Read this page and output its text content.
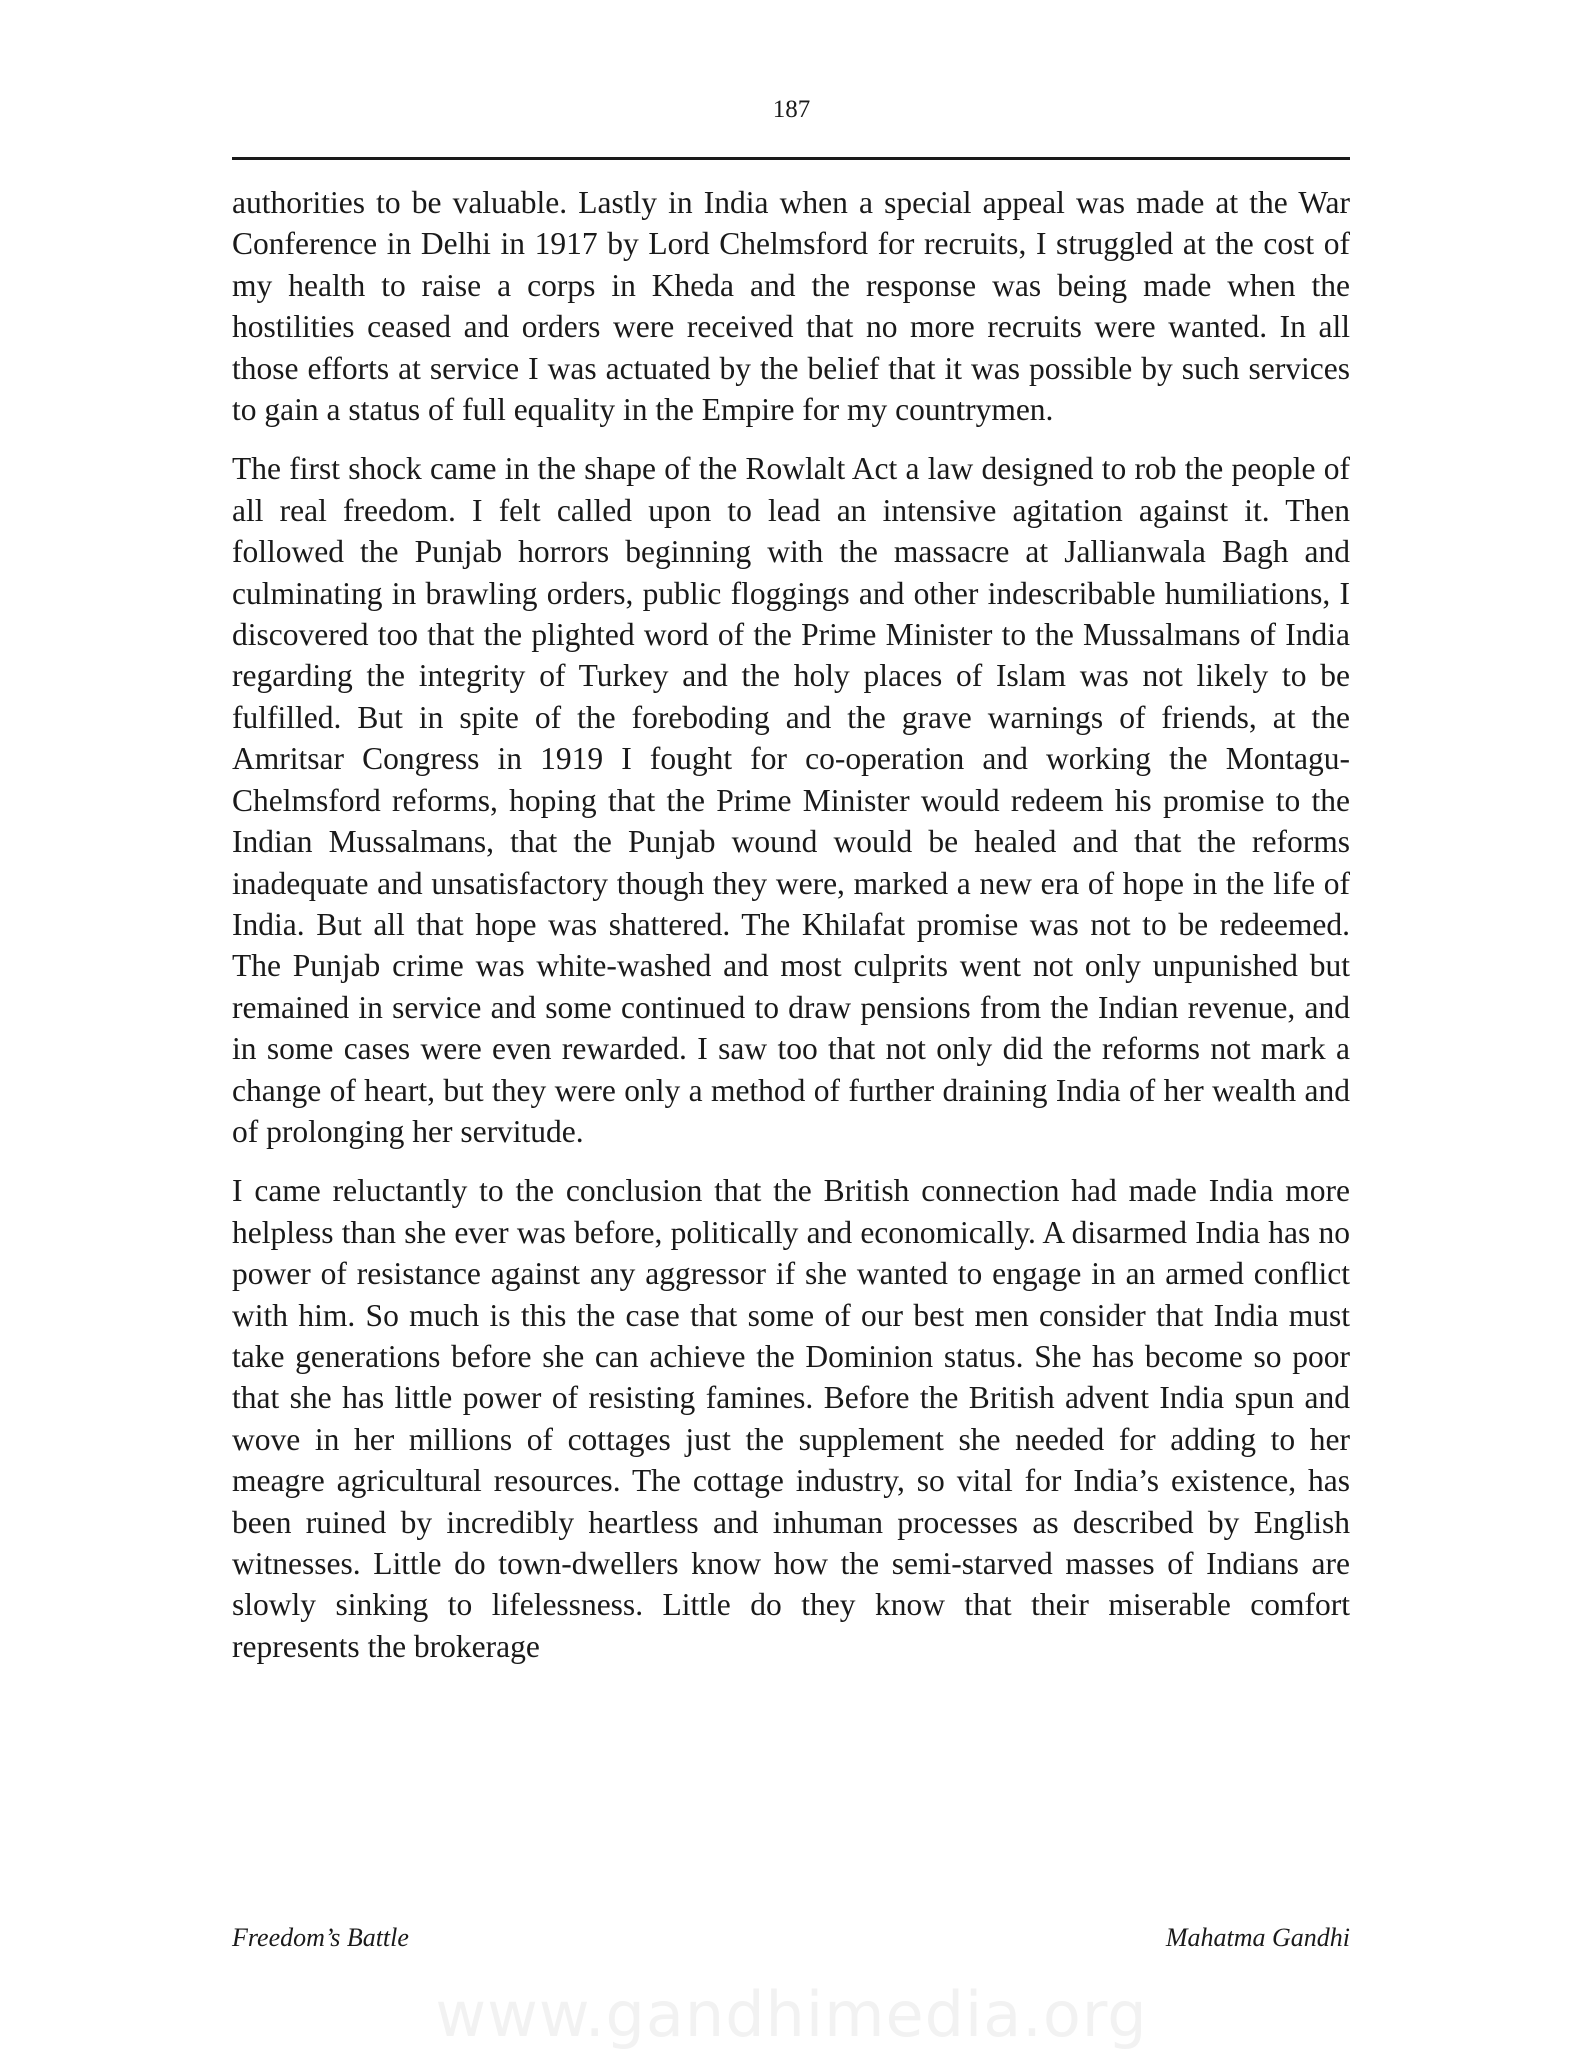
187

authorities to be valuable. Lastly in India when a special appeal was made at the War Conference in Delhi in 1917 by Lord Chelmsford for recruits, I struggled at the cost of my health to raise a corps in Kheda and the response was being made when the hostilities ceased and orders were received that no more recruits were wanted. In all those efforts at service I was actuated by the belief that it was possible by such services to gain a status of full equality in the Empire for my countrymen.

The first shock came in the shape of the Rowlalt Act a law designed to rob the people of all real freedom. I felt called upon to lead an intensive agitation against it. Then followed the Punjab horrors beginning with the massacre at Jallianwala Bagh and culminating in brawling orders, public floggings and other indescribable humiliations, I discovered too that the plighted word of the Prime Minister to the Mussalmans of India regarding the integrity of Turkey and the holy places of Islam was not likely to be fulfilled. But in spite of the foreboding and the grave warnings of friends, at the Amritsar Congress in 1919 I fought for co-operation and working the Montagu-Chelmsford reforms, hoping that the Prime Minister would redeem his promise to the Indian Mussalmans, that the Punjab wound would be healed and that the reforms inadequate and unsatisfactory though they were, marked a new era of hope in the life of India. But all that hope was shattered. The Khilafat promise was not to be redeemed. The Punjab crime was white-washed and most culprits went not only unpunished but remained in service and some continued to draw pensions from the Indian revenue, and in some cases were even rewarded. I saw too that not only did the reforms not mark a change of heart, but they were only a method of further draining India of her wealth and of prolonging her servitude.

I came reluctantly to the conclusion that the British connection had made India more helpless than she ever was before, politically and economically. A disarmed India has no power of resistance against any aggressor if she wanted to engage in an armed conflict with him. So much is this the case that some of our best men consider that India must take generations before she can achieve the Dominion status. She has become so poor that she has little power of resisting famines. Before the British advent India spun and wove in her millions of cottages just the supplement she needed for adding to her meagre agricultural resources. The cottage industry, so vital for India’s existence, has been ruined by incredibly heartless and inhuman processes as described by English witnesses. Little do town-dwellers know how the semi-starved masses of Indians are slowly sinking to lifelessness. Little do they know that their miserable comfort represents the brokerage

Freedom’s Battle	Mahatma Gandhi
www.gandhimedia.org
